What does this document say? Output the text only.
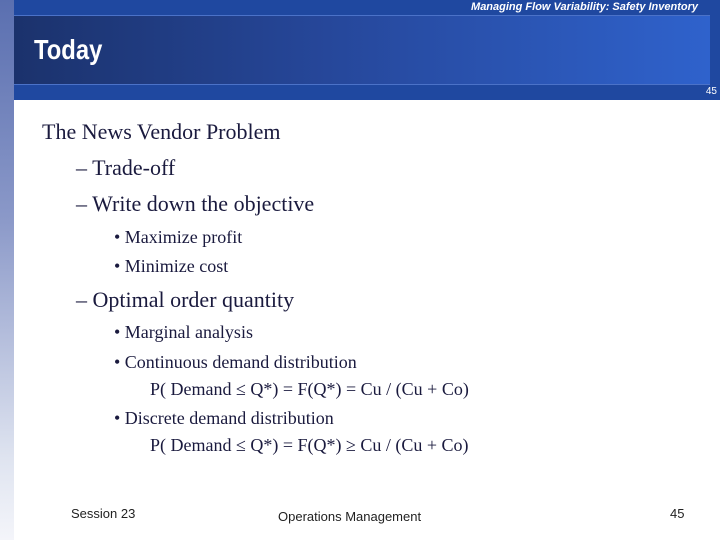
Managing Flow Variability: Safety Inventory
Today
45
The News Vendor Problem
– Trade-off
– Write down the objective
• Maximize profit
• Minimize cost
– Optimal order quantity
• Marginal analysis
• Continuous demand distribution
P( Demand ≤ Q*) = F(Q*) = Cu / (Cu + Co)
• Discrete demand distribution
P( Demand ≤ Q*) = F(Q*) ≥ Cu / (Cu + Co)
Session 23	Operations Management	45
